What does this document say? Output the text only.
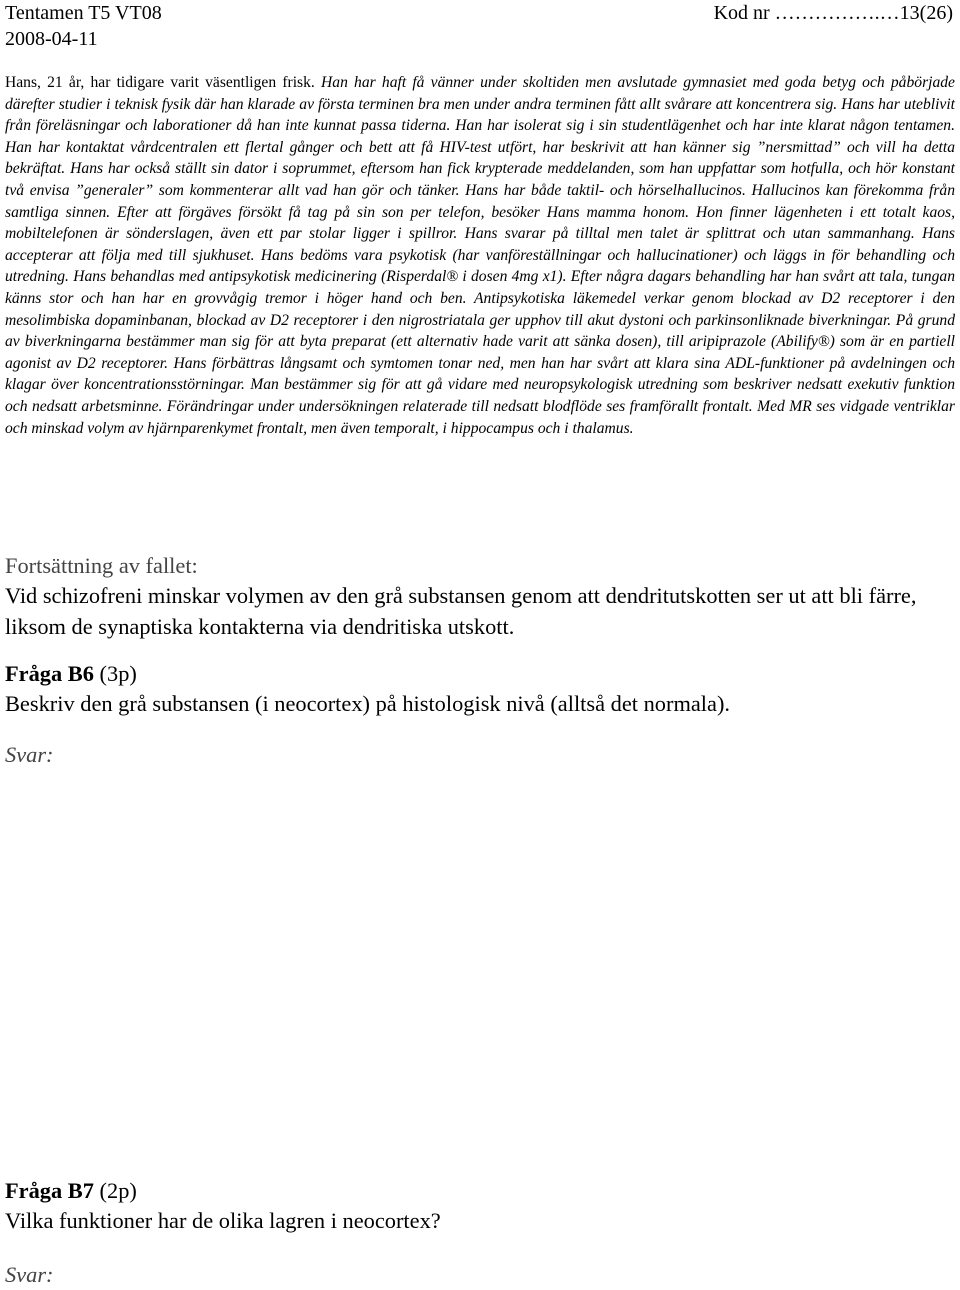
Tentamen T5 VT08	Kod nr …………….…13(26)
2008-04-11
Hans, 21 år, har tidigare varit väsentligen frisk. Han har haft få vänner under skoltiden men avslutade gymnasiet med goda betyg och påbörjade därefter studier i teknisk fysik där han klarade av första terminen bra men under andra terminen fått allt svårare att koncentrera sig. Hans har uteblivit från föreläsningar och laborationer då han inte kunnat passa tiderna. Han har isolerat sig i sin studentlägenhet och har inte klarat någon tentamen. Han har kontaktat vårdcentralen ett flertal gånger och bett att få HIV-test utfört, har beskrivit att han känner sig ”nersmittad” och vill ha detta bekräftat. Hans har också ställt sin dator i soprummet, eftersom han fick krypterade meddelanden, som han uppfattar som hotfulla, och hör konstant två envisa ”generaler” som kommenterar allt vad han gör och tänker. Hans har både taktil- och hörselhallucinos. Hallucinos kan förekomma från samtliga sinnen. Efter att förgäves försökt få tag på sin son per telefon, besöker Hans mamma honom. Hon finner lägenheten i ett totalt kaos, mobiltelefonen är sönderslagen, även ett par stolar ligger i spillror. Hans svarar på tilltal men talet är splittrat och utan sammanhang. Hans accepterar att följa med till sjukhuset. Hans bedöms vara psykotisk (har vanföreställningar och hallucinationer) och läggs in för behandling och utredning. Hans behandlas med antipsykotisk medicinering (Risperdal® i dosen 4mg x1). Efter några dagars behandling har han svårt att tala, tungan känns stor och han har en grovvågig tremor i höger hand och ben. Antipsykotiska läkemedel verkar genom blockad av D2 receptorer i den mesolimbiska dopaminbanan, blockad av D2 receptorer i den nigrostriatala ger upphov till akut dystoni och parkinsonliknade biverkningar. På grund av biverkningarna bestämmer man sig för att byta preparat (ett alternativ hade varit att sänka dosen), till aripiprazole (Abilify®) som är en partiell agonist av D2 receptorer. Hans förbättras långsamt och symtomen tonar ned, men han har svårt att klara sina ADL-funktioner på avdelningen och klagar över koncentrationsstörningar. Man bestämmer sig för att gå vidare med neuropsykologisk utredning som beskriver nedsatt exekutiv funktion och nedsatt arbetsminne. Förändringar under undersökningen relaterade till nedsatt blodflöde ses framförallt frontalt. Med MR ses vidgade ventriklar och minskad volym av hjärnparenkymet frontalt, men även temporalt, i hippocampus och i thalamus.
Fortsättning av fallet:
Vid schizofreni minskar volymen av den grå substansen genom att dendritutskotten ser ut att bli färre, liksom de synaptiska kontakterna via dendritiska utskott.
Fråga B6 (3p)
Beskriv den grå substansen (i neocortex) på histologisk nivå (alltså det normala).
Svar:
Fråga B7 (2p)
Vilka funktioner har de olika lagren i neocortex?
Svar:
